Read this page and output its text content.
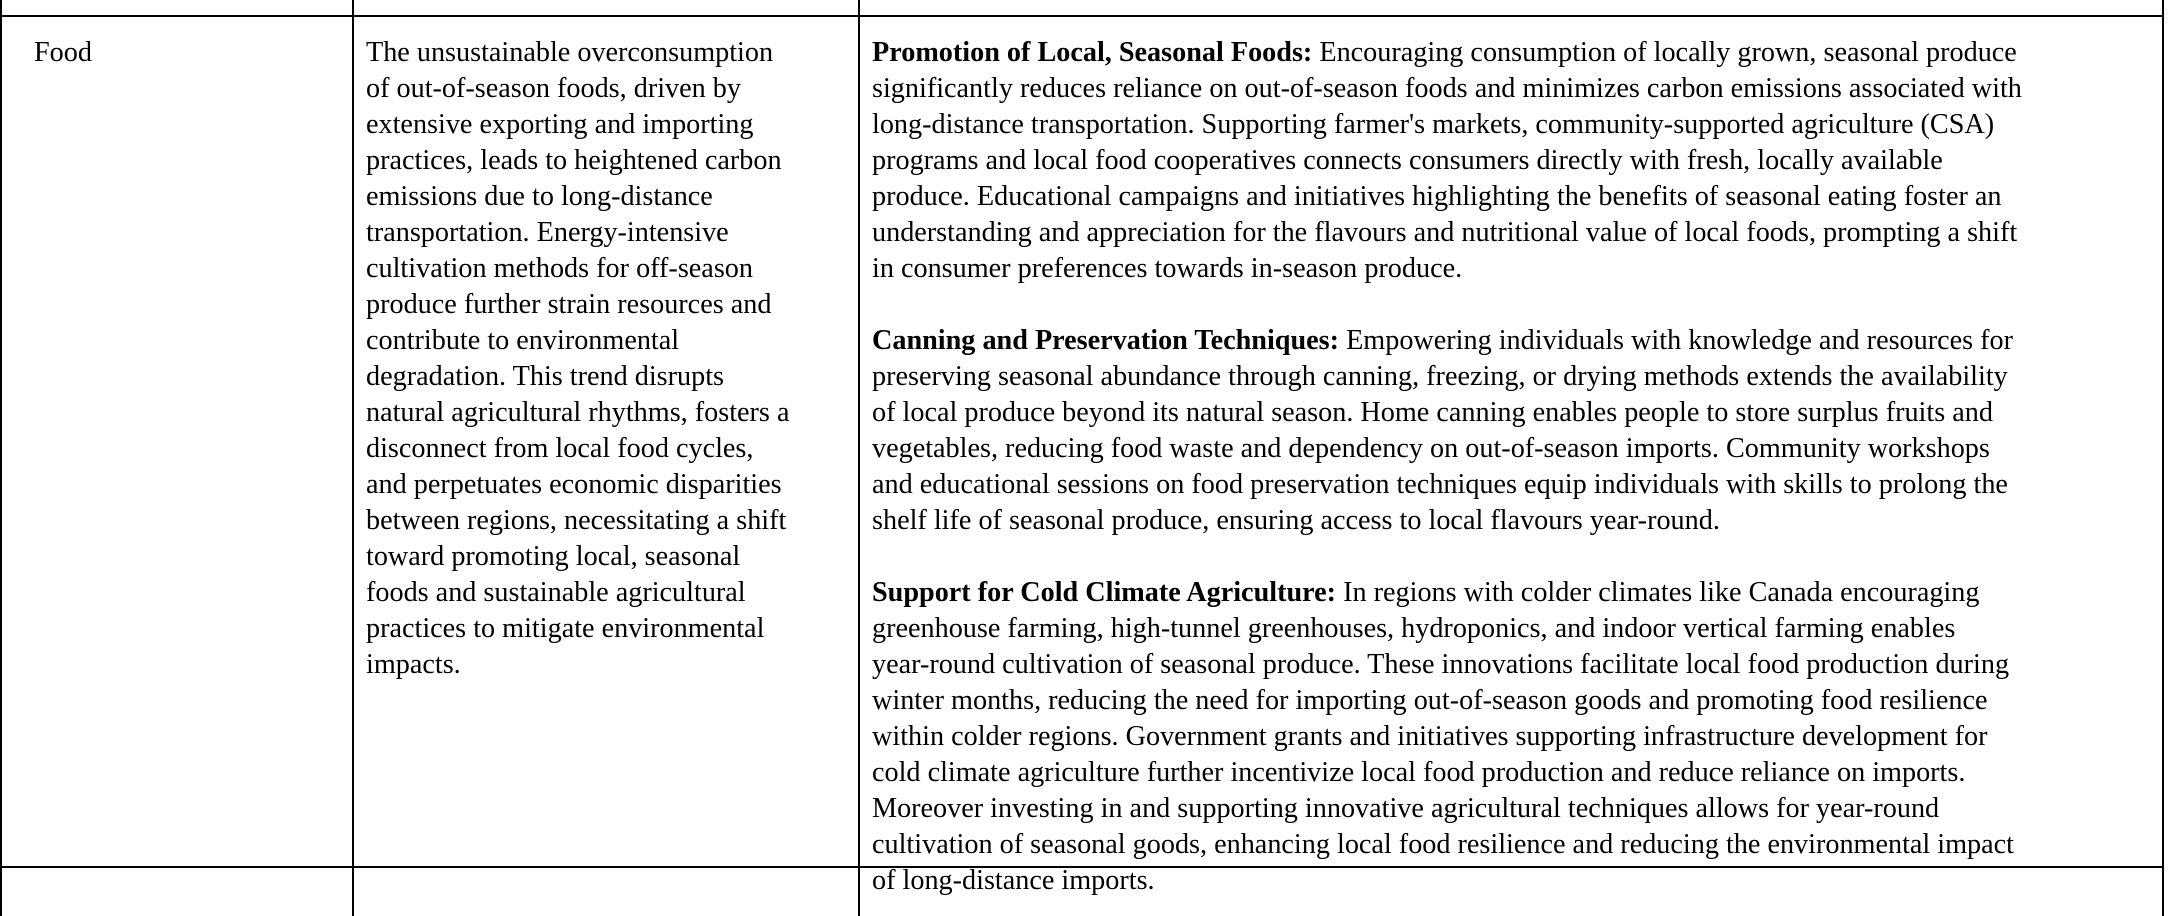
Food	The unsustainable overconsumption
of out-of-season foods, driven by
extensive exporting and importing
practices, leads to heightened carbon
emissions due to long-distance
transportation. Energy-intensive
cultivation methods for off-season
produce further strain resources and
contribute to environmental
degradation. This trend disrupts
natural agricultural rhythms, fosters a
disconnect from local food cycles,
and perpetuates economic disparities
between regions, necessitating a shift
toward promoting local, seasonal
foods and sustainable agricultural
practices to mitigate environmental
impacts.
Promotion of Local, Seasonal Foods: Encouraging consumption of locally grown, seasonal produce
significantly reduces reliance on out-of-season foods and minimizes carbon emissions associated with
long-distance transportation. Supporting farmer's markets, community-supported agriculture (CSA)
programs and local food cooperatives connects consumers directly with fresh, locally available
produce. Educational campaigns and initiatives highlighting the benefits of seasonal eating foster an
understanding and appreciation for the flavours and nutritional value of local foods, prompting a shift
in consumer preferences towards in-season produce.
Canning and Preservation Techniques: Empowering individuals with knowledge and resources for
preserving seasonal abundance through canning, freezing, or drying methods extends the availability
of local produce beyond its natural season. Home canning enables people to store surplus fruits and
vegetables, reducing food waste and dependency on out-of-season imports. Community workshops
and educational sessions on food preservation techniques equip individuals with skills to prolong the
shelf life of seasonal produce, ensuring access to local flavours year-round.
Support for Cold Climate Agriculture: In regions with colder climates like Canada encouraging
greenhouse farming, high-tunnel greenhouses, hydroponics, and indoor vertical farming enables
year-round cultivation of seasonal produce. These innovations facilitate local food production during
winter months, reducing the need for importing out-of-season goods and promoting food resilience
within colder regions. Government grants and initiatives supporting infrastructure development for
cold climate agriculture further incentivize local food production and reduce reliance on imports.
Moreover investing in and supporting innovative agricultural techniques allows for year-round
cultivation of seasonal goods, enhancing local food resilience and reducing the environmental impact
of long-distance imports.
